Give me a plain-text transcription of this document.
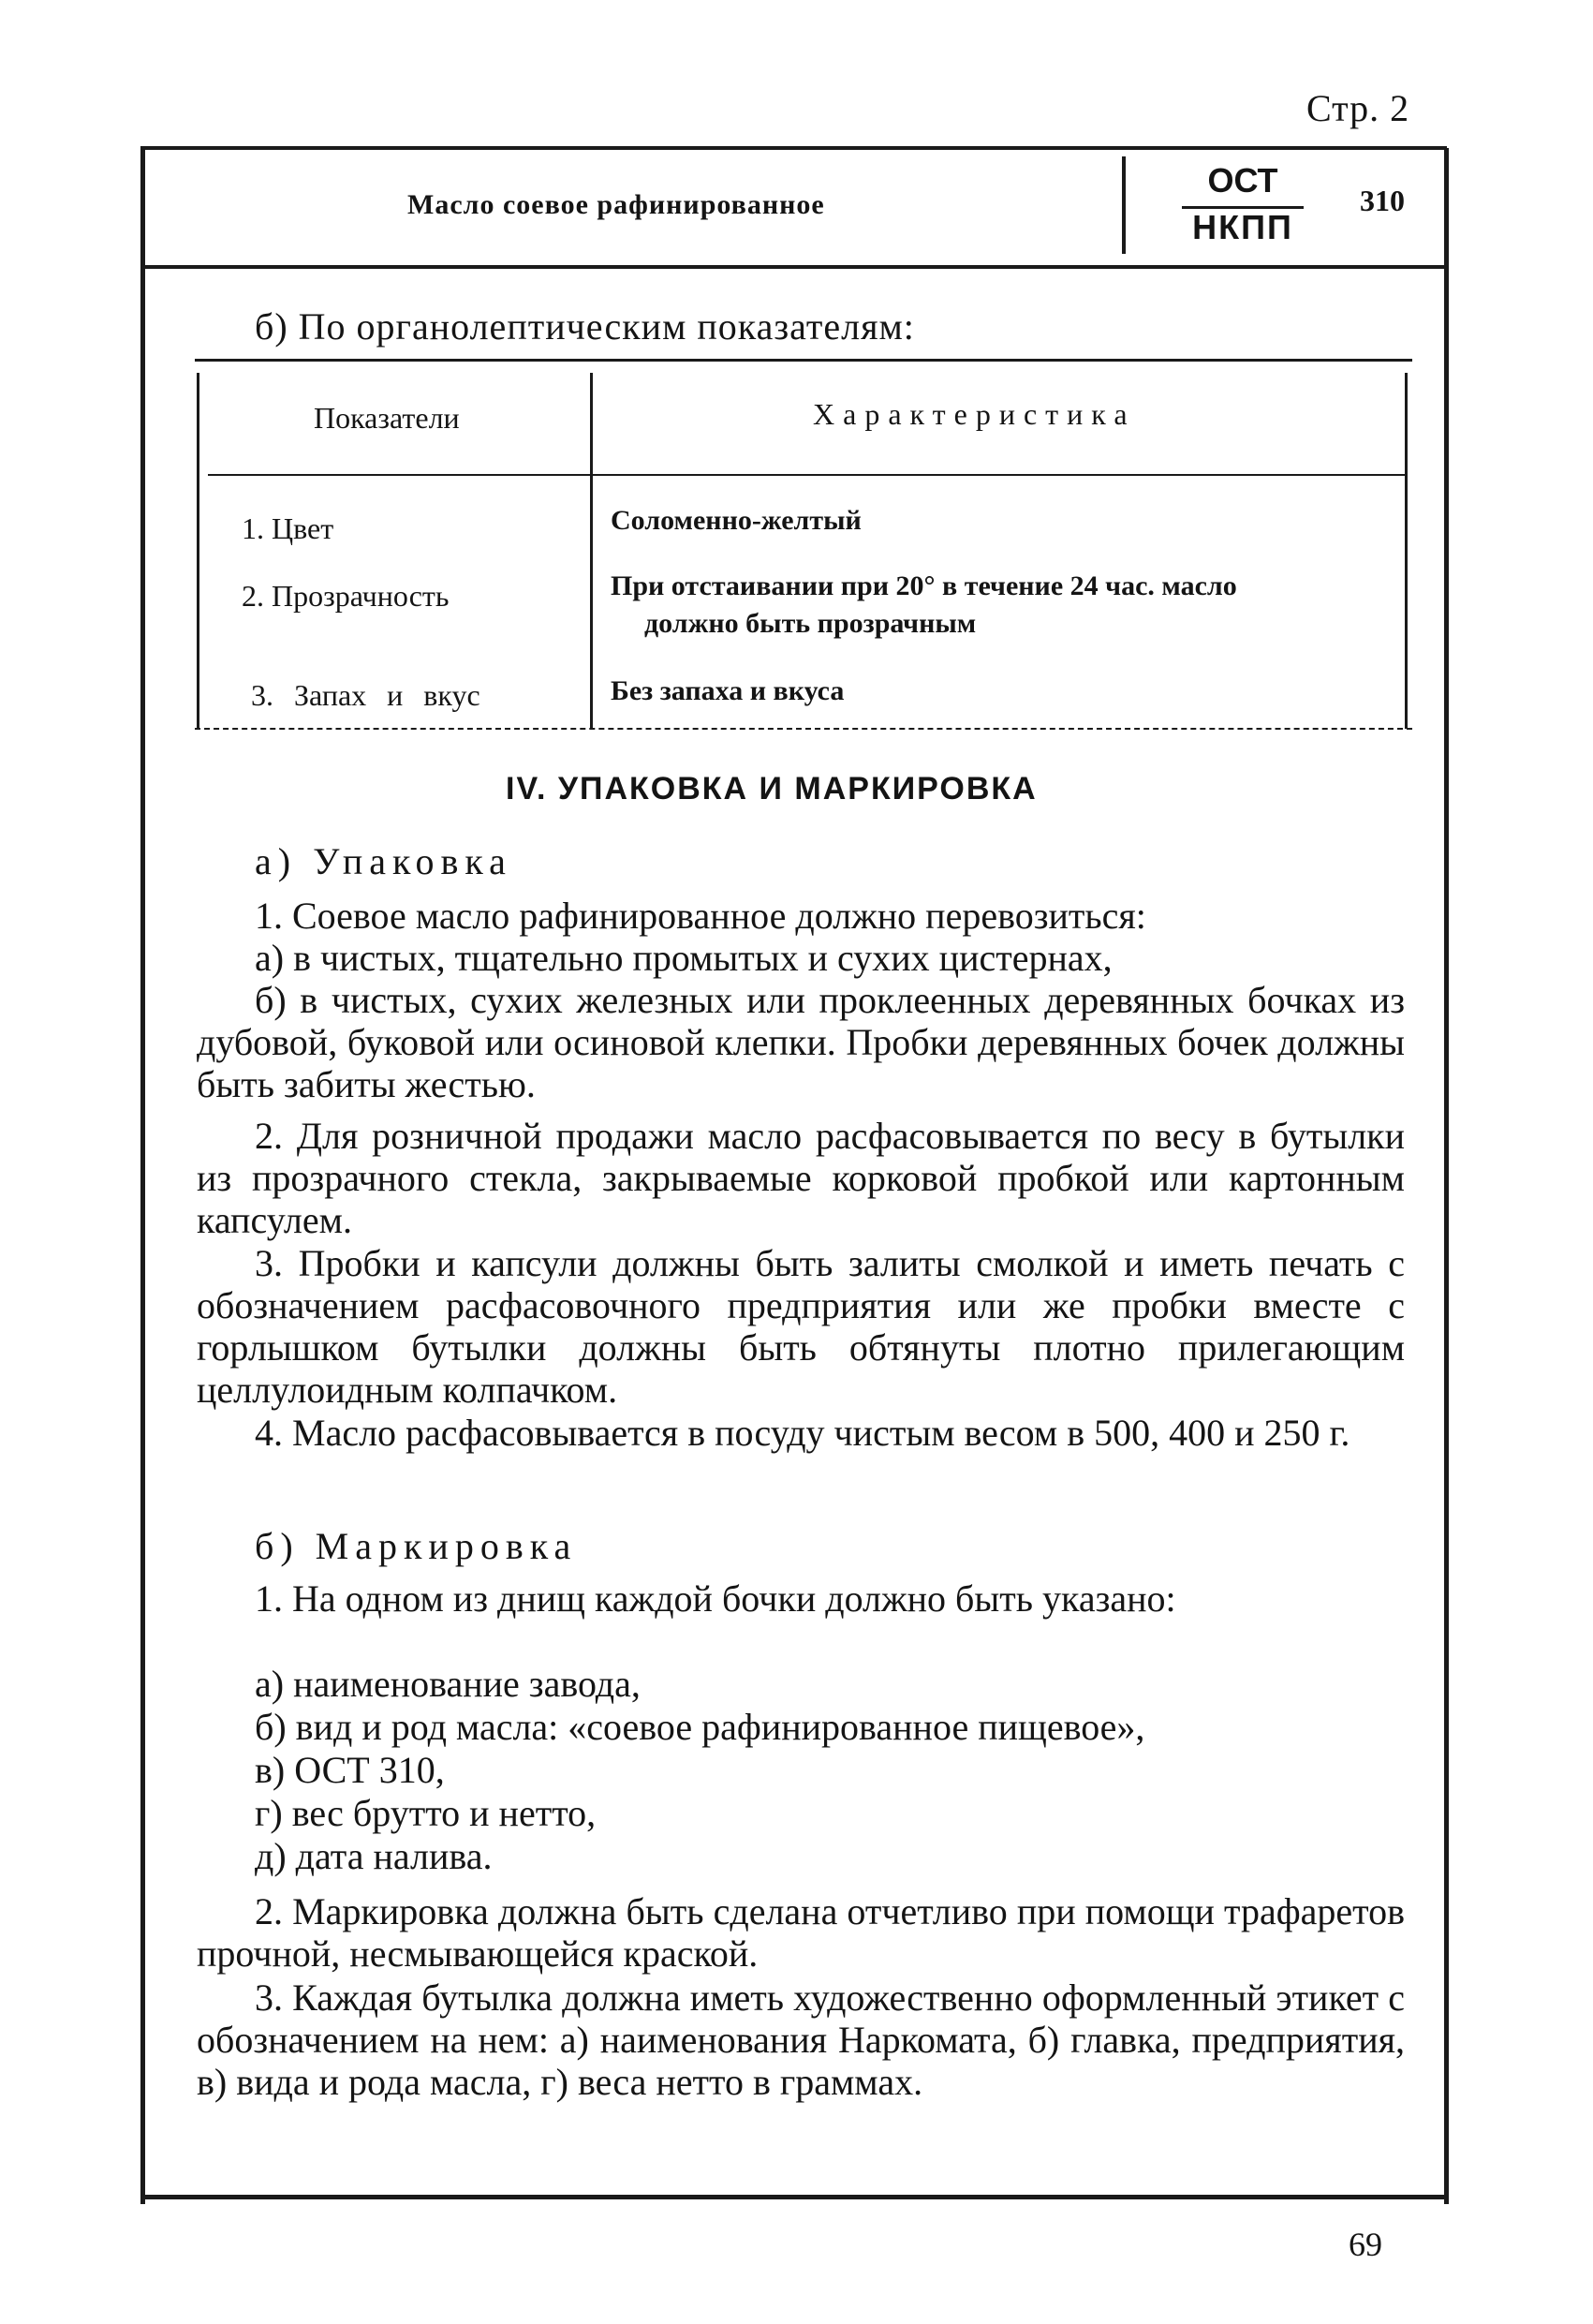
Стр. 2
Масло соевое рафинированное
ОСТ
НКПП
310
б) По органолептическим показателям:
Показатели	Характеристика
1. Цвет	Соломенно-желтый
2. Прозрачность	При отстаивании при 20° в течение 24 час. масло
должно быть прозрачным
3. Запах и вкус	Без запаха и вкуса
IV. УПАКОВКА И МАРКИРОВКА
а) Упаковка
1. Соевое масло рафинированное должно перевозиться:
а) в чистых, тщательно промытых и сухих цистернах,
б) в чистых, сухих железных или проклеенных деревянных бочках из дубовой, буковой или осиновой клепки. Пробки деревянных бочек должны быть забиты жестью.
2. Для розничной продажи масло расфасовывается по весу в бутылки из прозрачного стекла, закрываемые корковой пробкой или картонным капсулем.
3. Пробки и капсули должны быть залиты смолкой и иметь печать с обозначением расфасовочного предприятия или же пробки вместе с горлышком бутылки должны быть обтянуты плотно прилегающим целлулоидным колпачком.
4. Масло расфасовывается в посуду чистым весом в 500, 400 и 250 г.
б) Маркировка
1. На одном из днищ каждой бочки должно быть указано:
а) наименование завода,
б) вид и род масла: «соевое рафинированное пищевое»,
в) ОСТ 310,
г) вес брутто и нетто,
д) дата налива.
2. Маркировка должна быть сделана отчетливо при помощи трафаретов прочной, несмывающейся краской.
3. Каждая бутылка должна иметь художественно оформленный этикет с обозначением на нем: а) наименования Наркомата, б) главка, предприятия, в) вида и рода масла, г) веса нетто в граммах.
69
